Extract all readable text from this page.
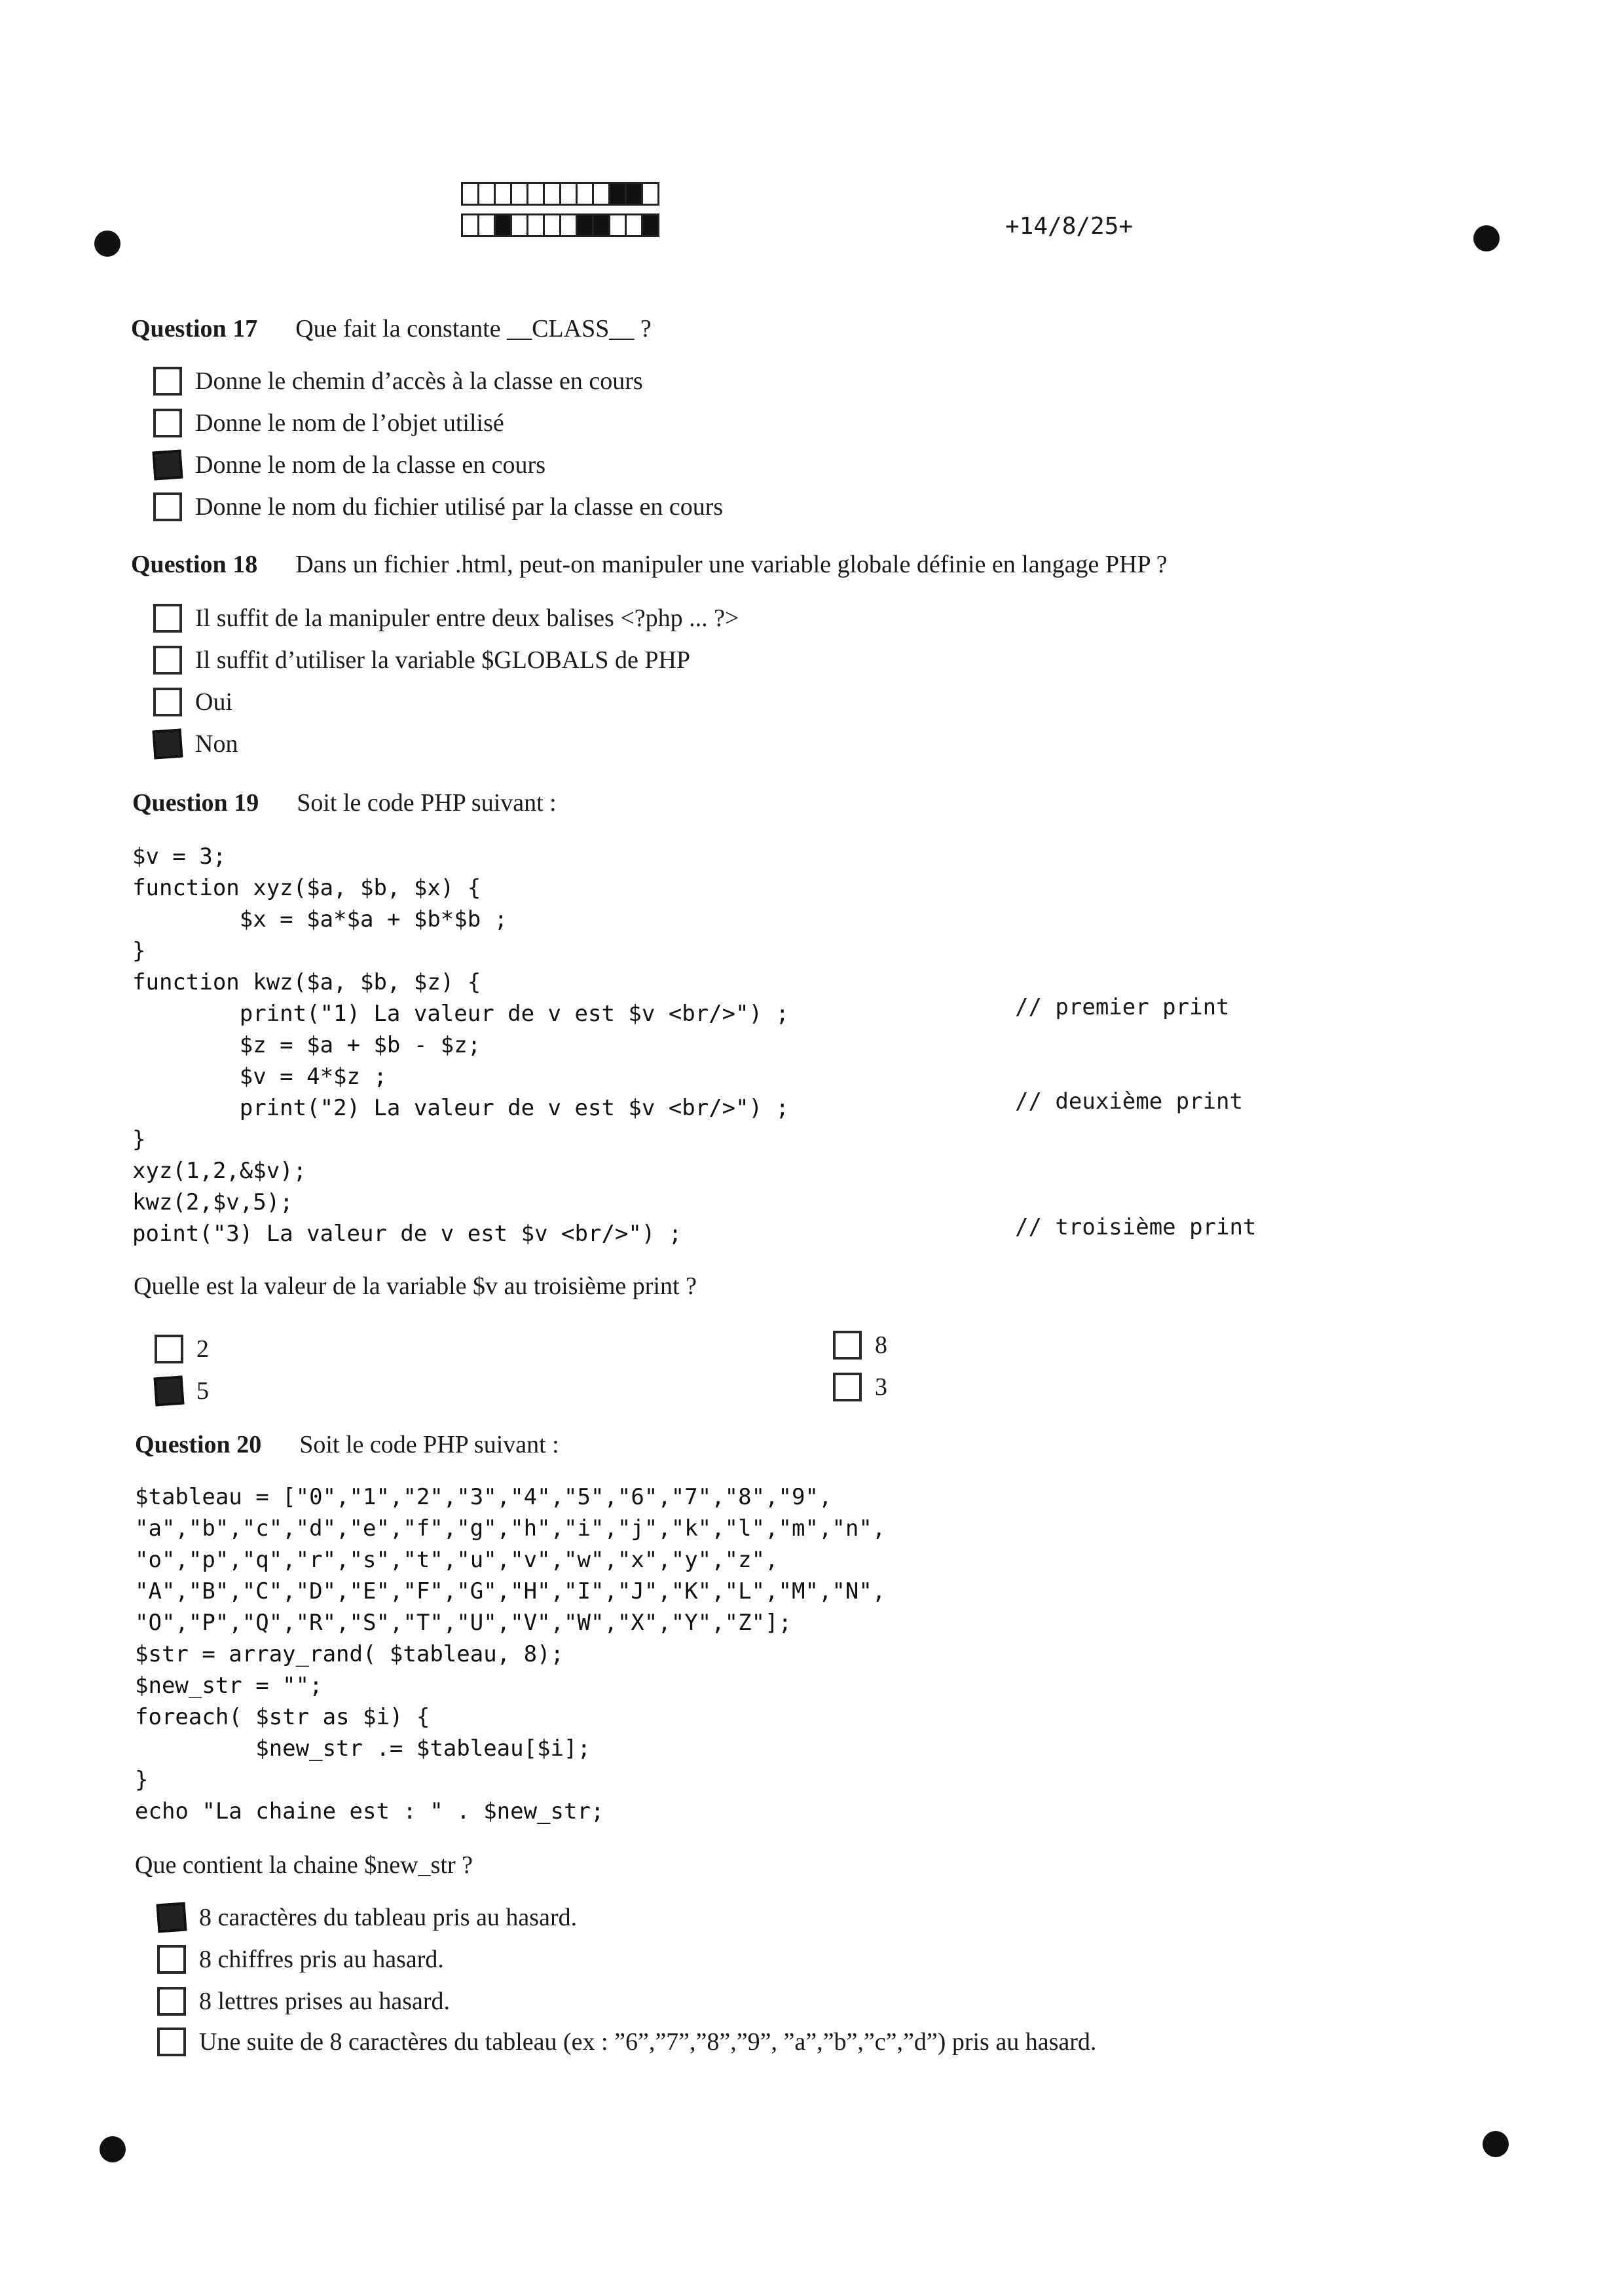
+14/8/25+
Question 17 Que fait la constante __CLASS__ ?
Donne le chemin d’accès à la classe en cours
Donne le nom de l’objet utilisé
Donne le nom de la classe en cours
Donne le nom du fichier utilisé par la classe en cours
Question 18 Dans un fichier .html, peut-on manipuler une variable globale définie en langage PHP ?
Il suffit de la manipuler entre deux balises <?php ... ?>
Il suffit d’utiliser la variable $GLOBALS de PHP
Oui
Non
Question 19 Soit le code PHP suivant :
$v = 3;
function xyz($a, $b, $x) {
$x = $a*$a + $b*$b ;
}
function kwz($a, $b, $z) {
print("1) La valeur de v est $v <br/>") ;
$z = $a + $b - $z;
$v = 4*$z ;
print("2) La valeur de v est $v <br/>") ;
}
xyz(1,2,&$v);
kwz(2,$v,5);
point("3) La valeur de v est $v <br/>") ;
// premier print
// deuxième print
// troisième print
Quelle est la valeur de la variable $v au troisième print ?
2
5
8
3
Question 20 Soit le code PHP suivant :
$tableau = ["0","1","2","3","4","5","6","7","8","9",
"a","b","c","d","e","f","g","h","i","j","k","l","m","n",
"o","p","q","r","s","t","u","v","w","x","y","z",
"A","B","C","D","E","F","G","H","I","J","K","L","M","N",
"O","P","Q","R","S","T","U","V","W","X","Y","Z"];
$str = array_rand( $tableau, 8);
$new_str = "";
foreach( $str as $i) {
$new_str .= $tableau[$i];
}
echo "La chaine est : " . $new_str;
Que contient la chaine $new_str ?
8 caractères du tableau pris au hasard.
8 chiffres pris au hasard.
8 lettres prises au hasard.
Une suite de 8 caractères du tableau (ex : ”6”,”7”,”8”,”9”, ”a”,”b”,”c”,”d”) pris au hasard.
